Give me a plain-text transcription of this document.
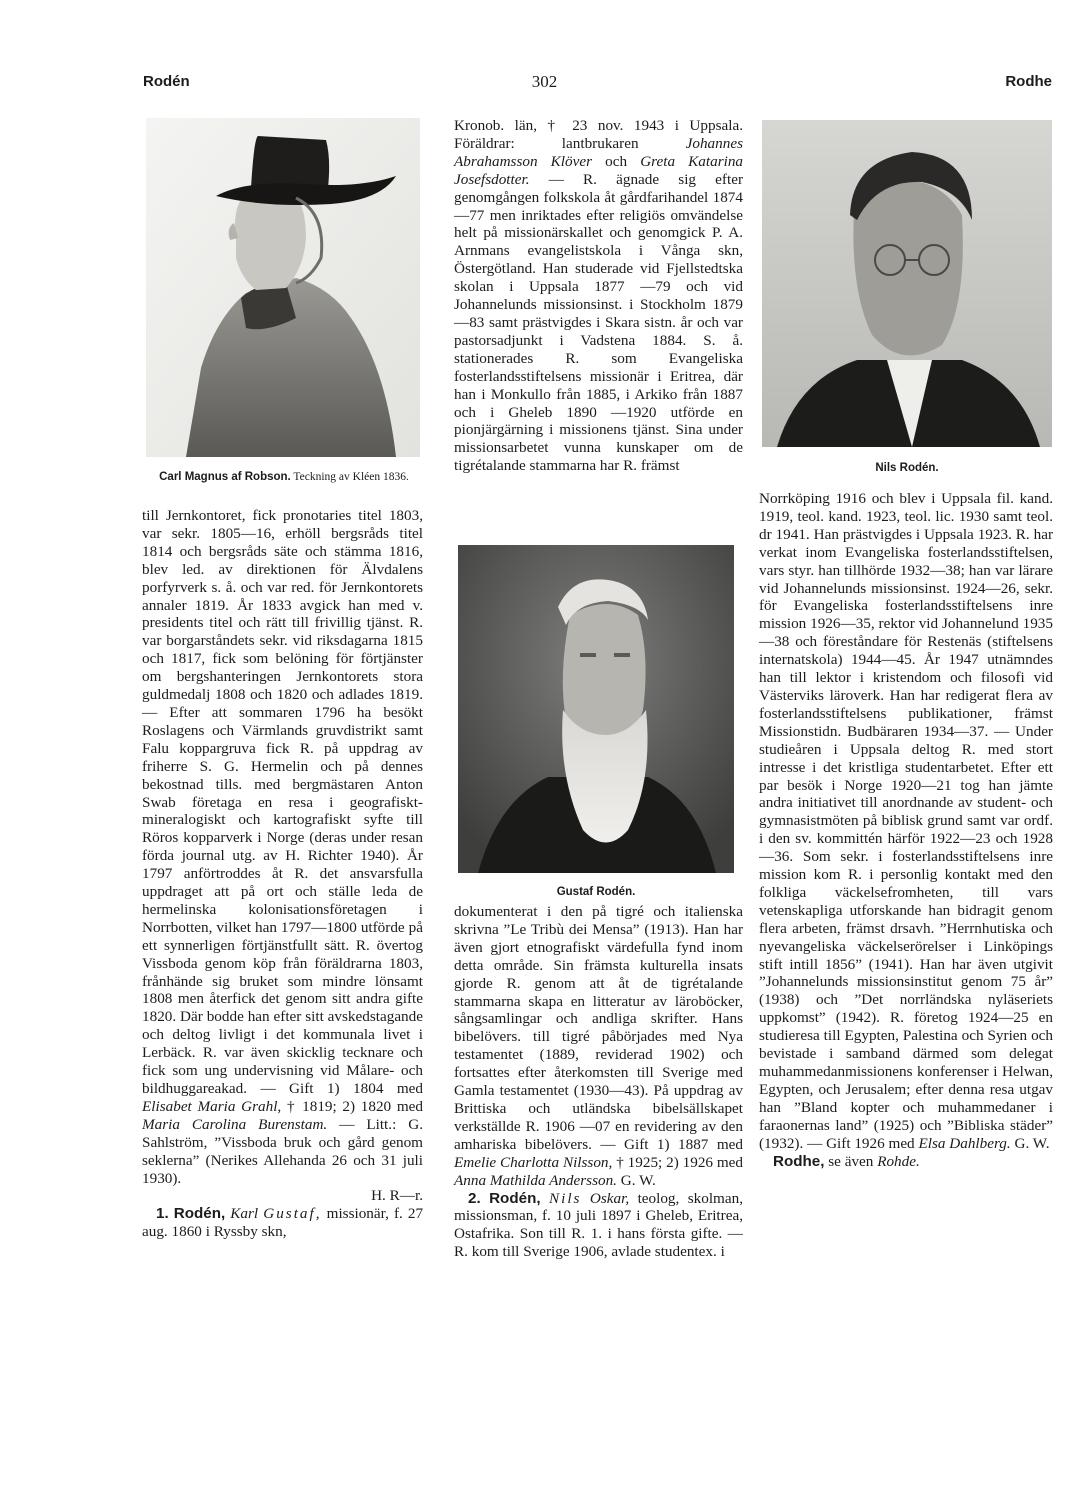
Rodén	302	Rodhe
Carl Magnus af Robson. Teckning av Kléen 1836.

till Jernkontoret, fick pronotaries titel 1803, var sekr. 1805—16, erhöll bergsråds titel 1814 och bergsråds säte och stämma 1816, blev led. av direktionen för Älvdalens porfyrverk s. å. och var red. för Jernkontorets annaler 1819. År 1833 avgick han med v. presidents titel och rätt till frivillig tjänst. R. var borgarståndets sekr. vid riksdagarna 1815 och 1817, fick som belöning för förtjänster om bergshanteringen Jernkontorets stora guldmedalj 1808 och 1820 och adlades 1819. — Efter att sommaren 1796 ha besökt Roslagens och Värmlands gruvdistrikt samt Falu koppargruva fick R. på uppdrag av friherre S. G. Hermelin och på dennes bekostnad tills. med bergmästaren Anton Swab företaga en resa i geografiskt-mineralogiskt och kartografiskt syfte till Röros kopparverk i Norge (deras under resan förda journal utg. av H. Richter 1940). År 1797 anförtroddes åt R. det ansvarsfulla uppdraget att på ort och ställe leda de hermelinska kolonisationsföretagen i Norrbotten, vilket han 1797—1800 utförde på ett synnerligen förtjänstfullt sätt. R. övertog Vissboda genom köp från föräldrarna 1803, frånhände sig bruket som mindre lönsamt 1808 men återfick det genom sitt andra gifte 1820. Där bodde han efter sitt avskedstagande och deltog livligt i det kommunala livet i Lerbäck. R. var även skicklig tecknare och fick som ung undervisning vid Målare- och bildhuggareakad. — Gift 1) 1804 med Elisabet Maria Grahl, † 1819; 2) 1820 med Maria Carolina Burenstam. — Litt.: G. Sahlström, ”Vissboda bruk och gård genom seklerna” (Nerikes Allehanda 26 och 31 juli 1930).

H. R—r.

1. Rodén, Karl Gustaf, missionär, f. 27 aug. 1860 i Ryssby skn,

Kronob. län, † 23 nov. 1943 i Uppsala. Föräldrar: lantbrukaren	Johannes Abrahamsson Klöver och Greta Katarina Josefsdotter. — R. ägnade sig efter genomgången folkskola åt gårdfarihandel 1874—77 men inriktades efter religiös omvändelse helt på missionärskallet och genomgick P. A. Arnmans evangelistskola i Vånga skn, Östergötland. Han studerade vid Fjellstedtska skolan i Uppsala 1877 —79 och vid Johannelunds missionsinst. i Stockholm 1879—83 samt prästvigdes i Skara sistn. år och var pastorsadjunkt i Vadstena 1884. S. å. stationerades R. som Evangeliska fosterlandsstiftelsens missionär i Eritrea, där han i Monkullo från 1885, i Arkiko från 1887 och i Gheleb 1890 —1920 utförde en pionjärgärning i missionens tjänst. Sina under missionsarbetet vunna kunskaper om de tigrétalande stammarna har R. främst

Gustaf Rodén.

dokumenterat i den på tigré och italienska skrivna ”Le Tribù dei Mensa” (1913). Han har även gjort etnografiskt värdefulla fynd inom detta område. Sin främsta kulturella insats gjorde R. genom att åt de tigrétalande stammarna skapa en litteratur av läroböcker, sångsamlingar och andliga skrifter. Hans bibelövers. till tigré påbörjades med Nya testamentet (1889, reviderad 1902) och fortsattes efter återkomsten till Sverige med Gamla testamentet (1930—43). På uppdrag av Brittiska och utländska bibelsällskapet verkställde R. 1906 —07 en revidering av den amhariska bibelövers. — Gift 1) 1887 med Emelie Charlotta Nilsson, † 1925; 2) 1926 med Anna Mathilda Andersson. G. W.

2. Rodén, Nils Oskar, teolog, skolman, missionsman, f. 10 juli 1897 i Gheleb, Eritrea, Ostafrika. Son till R. 1. i hans första gifte. — R. kom till Sverige 1906, avlade studentex. i

Nils Rodén.

Norrköping 1916 och blev i Uppsala fil. kand. 1919, teol. kand. 1923, teol. lic. 1930 samt teol. dr 1941. Han prästvigdes i Uppsala 1923. R. har verkat inom Evangeliska fosterlandsstiftelsen, vars styr. han tillhörde 1932—38; han var lärare vid Johannelunds missionsinst. 1924—26, sekr. för Evangeliska fosterlandsstiftelsens inre mission 1926—35, rektor vid Johannelund 1935—38 och föreståndare för Restenäs (stiftelsens internatskola) 1944—45. År 1947 utnämndes han till lektor i kristendom och filosofi vid Västerviks läroverk. Han har redigerat flera av fosterlandsstiftelsens publikationer, främst Missionstidn. Budbäraren 1934—37. — Under studieåren i Uppsala deltog R. med stort intresse i det kristliga studentarbetet. Efter ett par besök i Norge 1920—21 tog han jämte andra initiativet till anordnande av student- och gymnasistmöten på biblisk grund samt var ordf. i den sv. kommittén härför 1922—23 och 1928—36. Som sekr. i fosterlandsstiftelsens inre mission kom R. i personlig kontakt med den folkliga väckelsefromheten, till vars vetenskapliga utforskande han bidragit genom flera arbeten, främst drsavh. ”Herrnhutiska och nyevangeliska väckelserörelser i Linköpings stift intill 1856” (1941). Han har även utgivit ”Johannelunds missionsinstitut genom 75 år” (1938) och ”Det norrländska nyläseriets uppkomst” (1942). R. företog 1924—25 en studieresa till Egypten, Palestina och Syrien och bevistade i samband därmed som delegat muhammedanmissionens konferenser i Helwan, Egypten, och Jerusalem; efter denna resa utgav han ”Bland kopter och muhammedaner i faraonernas land” (1925) och ”Bibliska städer” (1932). — Gift 1926 med Elsa Dahlberg. G. W.

Rodhe, se även Rohde.
